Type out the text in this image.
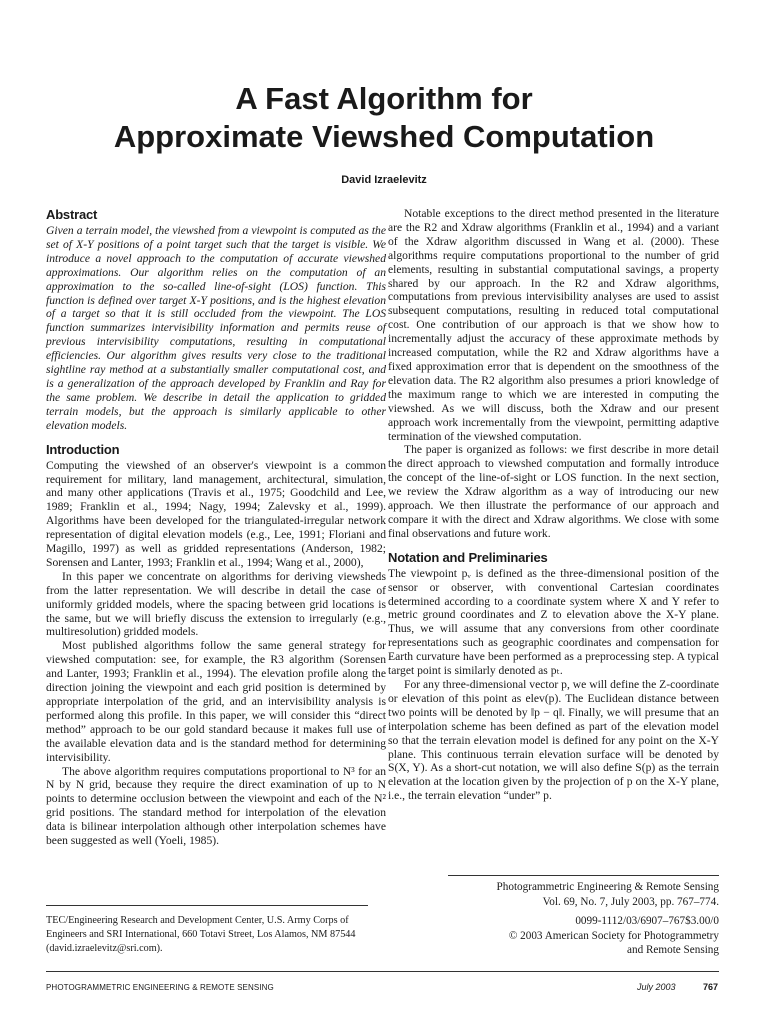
A Fast Algorithm for
Approximate Viewshed Computation

David Izraelevitz

Abstract

Given a terrain model, the viewshed from a viewpoint is computed as the set of X-Y positions of a point target such that the target is visible. We introduce a novel approach to the computation of accurate viewshed approximations. Our algorithm relies on the computation of an approximation to the so-called line-of-sight (LOS) function. This function is defined over target X-Y positions, and is the highest elevation of a target so that it is still occluded from the viewpoint. The LOS function summarizes intervisibility information and permits reuse of previous intervisibility computations, resulting in computational efficiencies. Our algorithm gives results very close to the traditional sightline ray method at a substantially smaller computational cost, and is a generalization of the approach developed by Franklin and Ray for the same problem. We describe in detail the application to gridded terrain models, but the approach is similarly applicable to other elevation models.

Introduction

Computing the viewshed of an observer's viewpoint is a common requirement for military, land management, architectural, simulation, and many other applications (Travis et al., 1975; Goodchild and Lee, 1989; Franklin et al., 1994; Nagy, 1994; Zalevsky et al., 1999). Algorithms have been developed for the triangulated-irregular network representation of digital elevation models (e.g., Lee, 1991; Floriani and Magillo, 1997) as well as gridded representations (Anderson, 1982; Sorensen and Lanter, 1993; Franklin et al., 1994; Wang et al., 2000),

In this paper we concentrate on algorithms for deriving viewsheds from the latter representation. We will describe in detail the case of uniformly gridded models, where the spacing between grid locations is the same, but we will briefly discuss the extension to irregularly (e.g., multiresolution) gridded models.

Most published algorithms follow the same general strategy for viewshed computation: see, for example, the R3 algorithm (Sorensen and Lanter, 1993; Franklin et al., 1994). The elevation profile along the direction joining the viewpoint and each grid position is determined by appropriate interpolation of the grid, and an intervisibility analysis is performed along this profile. In this paper, we will consider this “direct method” approach to be our gold standard because it makes full use of the available elevation data and is the standard method for determining intervisibility.

The above algorithm requires computations proportional to N³ for an N by N grid, because they require the direct examination of up to N points to determine occlusion between the viewpoint and each of the N² grid positions. The standard method for interpolation of the elevation data is bilinear interpolation although other interpolation schemes have been suggested as well (Yoeli, 1985).

Notable exceptions to the direct method presented in the literature are the R2 and Xdraw algorithms (Franklin et al., 1994) and a variant of the Xdraw algorithm discussed in Wang et al. (2000). These algorithms require computations proportional to the number of grid elements, resulting in substantial computational savings, a property shared by our approach. In the R2 and Xdraw algorithms, computations from previous intervisibility analyses are used to assist subsequent computations, resulting in reduced total computational cost. One contribution of our approach is that we show how to incrementally adjust the accuracy of these approximate methods by increased computation, while the R2 and Xdraw algorithms have a fixed approximation error that is dependent on the smoothness of the elevation data. The R2 algorithm also presumes a priori knowledge of the maximum range to which we are interested in computing the viewshed. As we will discuss, both the Xdraw and our present approach work incrementally from the viewpoint, permitting adaptive termination of the viewshed computation.

The paper is organized as follows: we first describe in more detail the direct approach to viewshed computation and formally introduce the concept of the line-of-sight or LOS function. In the next section, we review the Xdraw algorithm as a way of introducing our new approach. We then illustrate the performance of our approach and compare it with the direct and Xdraw algorithms. We close with some final observations and future work.

Notation and Preliminaries

The viewpoint pᵥ is defined as the three-dimensional position of the sensor or observer, with conventional Cartesian coordinates determined according to a coordinate system where X and Y refer to metric ground coordinates and Z to elevation above the X-Y plane. Thus, we will assume that any conversions from other coordinate representations such as geographic coordinates and compensation for Earth curvature have been performed as a preprocessing step. A typical target point is similarly denoted as pₜ.

For any three-dimensional vector p, we will define the Z-coordinate or elevation of this point as elev(p). The Euclidean distance between two points will be denoted by ‖p − q‖. Finally, we will presume that an interpolation scheme has been defined as part of the elevation model so that the terrain elevation model is defined for any point on the X-Y plane. This continuous terrain elevation surface will be denoted by S(X, Y). As a short-cut notation, we will also define S(p) as the terrain elevation at the location given by the projection of p on the X-Y plane, i.e., the terrain elevation “under” p.

Photogrammetric Engineering & Remote Sensing

Vol. 69, No. 7, July 2003, pp. 767–774.

0099-1112/03/6907–767$3.00/0

© 2003 American Society for Photogrammetry

and Remote Sensing

TEC/Engineering Research and Development Center, U.S. Army Corps of Engineers and SRI International, 660 Totavi Street, Los Alamos, NM 87544 (david.izraelevitz@sri.com).
PHOTOGRAMMETRIC ENGINEERING & REMOTE SENSING	July 2003	767
